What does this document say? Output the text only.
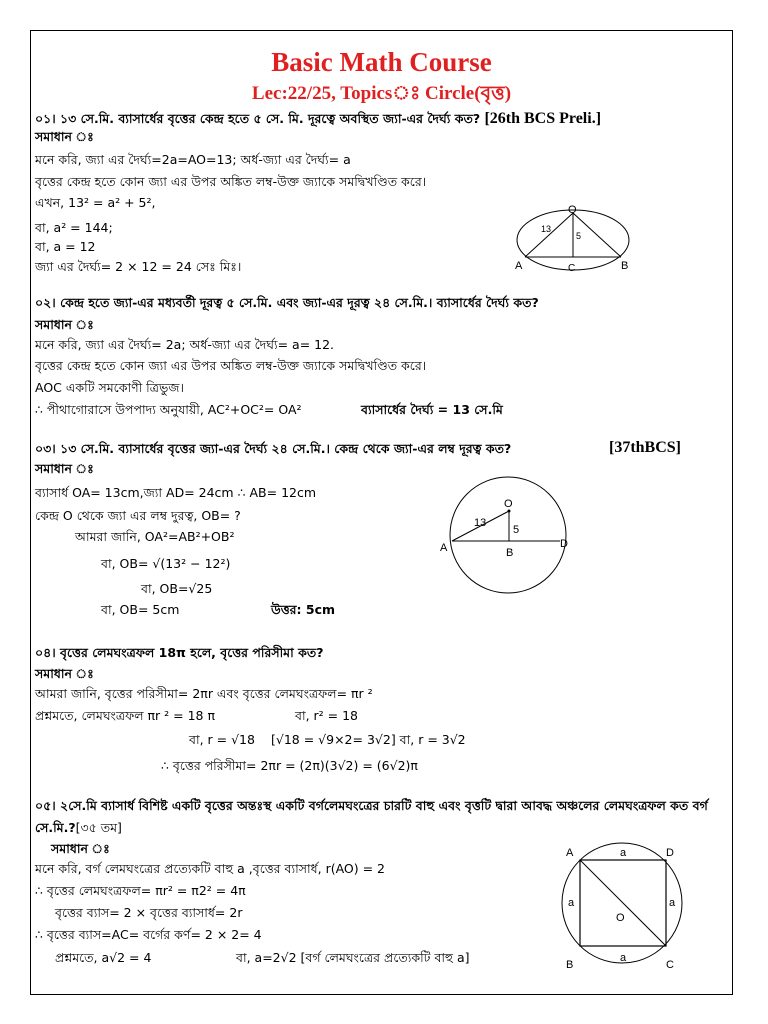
Basic Math Course
Lec:22/25, Topicsঃ Circle(বৃত্ত)
০১। ১৩ সে.মি. ব্যাসার্ধের বৃত্তের কেন্দ্র হতে ৫ সে. মি. দূরত্বে অবস্থিত জ্যা-এর দৈর্ঘ্য কত? [26th BCS Preli.]
সমাধান ঃ
মনে করি, জ্যা এর দৈর্ঘ্য=2a=AO=13; অর্ধ-জ্যা এর দৈর্ঘ্য= a
বৃত্তের কেন্দ্র হতে কোন জ্যা এর উপর অঙ্কিত লম্ব-উক্ত জ্যাকে সমদ্বিখণ্ডিত করে।
এখন, 13² = a² + 5²,
বা, a² = 144;
বা, a = 12
জ্যা এর দৈর্ঘ্য= 2 × 12 = 24 সেঃ মিঃ।
O
A	B
C
13
5
০২। কেন্দ্র হতে জ্যা-এর মধ্যবর্তী দূরত্ব ৫ সে.মি. এবং জ্যা-এর দূরত্ব ২৪ সে.মি.। ব্যাসার্ধের দৈর্ঘ্য কত?
সমাধান ঃ
মনে করি, জ্যা এর দৈর্ঘ্য= 2a; অর্ধ-জ্যা এর দৈর্ঘ্য= a= 12.
বৃত্তের কেন্দ্র হতে কোন জ্যা এর উপর অঙ্কিত লম্ব-উক্ত জ্যাকে সমদ্বিখণ্ডিত করে।
AOC একটি সমকোণী ত্রিভুজ।
∴ পীথাগোরাসে উপপাদ্য অনুযায়ী, AC²+OC²= OA²	ব্যাসার্ধের দৈর্ঘ্য = 13 সে.মি
০৩। ১৩ সে.মি. ব্যাসার্ধের বৃত্তের জ্যা-এর দৈর্ঘ্য ২৪ সে.মি.। কেন্দ্র থেকে জ্যা-এর লম্ব দূরত্ব কত?	[37thBCS]
সমাধান ঃ
ব্যাসার্ধ OA= 13cm,জ্যা AD= 24cm ∴ AB= 12cm
কেন্দ্র O থেকে জ্যা এর লম্ব দুরত্ব, OB= ?
আমরা জানি, OA²=AB²+OB²
বা, OB= √(13² − 12²)
বা, OB=√25
বা, OB= 5cm	উত্তর: 5cm
O
A	B
D
13
5
০৪। বৃত্তের লেমঘংত্রফল 18π হলে, বৃত্তের পরিসীমা কত?
সমাধান ঃ
আমরা জানি, বৃত্তের পরিসীমা= 2πr এবং বৃত্তের লেমঘংত্রফল= πr ²
প্রশ্নমতে, লেমঘংত্রফল πr ² = 18 π	বা, r² = 18
বা, r = √18 [√18 = √9×2= 3√2] বা, r = 3√2
∴ বৃত্তের পরিসীমা= 2πr = (2π)(3√2) = (6√2)π
০৫। ২সে.মি ব্যাসার্ধ বিশিষ্ট একটি বৃত্তের অন্তঃস্থ একটি বর্গলেমঘংত্রের চারটি বাহু এবং বৃত্তটি দ্বারা আবদ্ধ অঞ্চলের লেমঘংত্রফল কত বর্গ সে.মি.?[৩৫ তম]
সমাধান ঃ
মনে করি, বর্গ লেমঘংত্রের প্রত্যেকটি বাহু a ,বৃত্তের ব্যাসার্ধ, r(AO) = 2
∴ বৃত্তের লেমঘংত্রফল= πr² = π2² = 4π
বৃত্তের ব্যাস= 2 × বৃত্তের ব্যাসার্ধ= 2r
∴ বৃত্তের ব্যাস=AC= বর্গের কর্ণ= 2 × 2= 4
প্রশ্নমতে, a√2 = 4	বা, a=2√2 [বর্গ লেমঘংত্রের প্রত্যেকটি বাহু a]
A	D
B	C
O
a
a	a
a
